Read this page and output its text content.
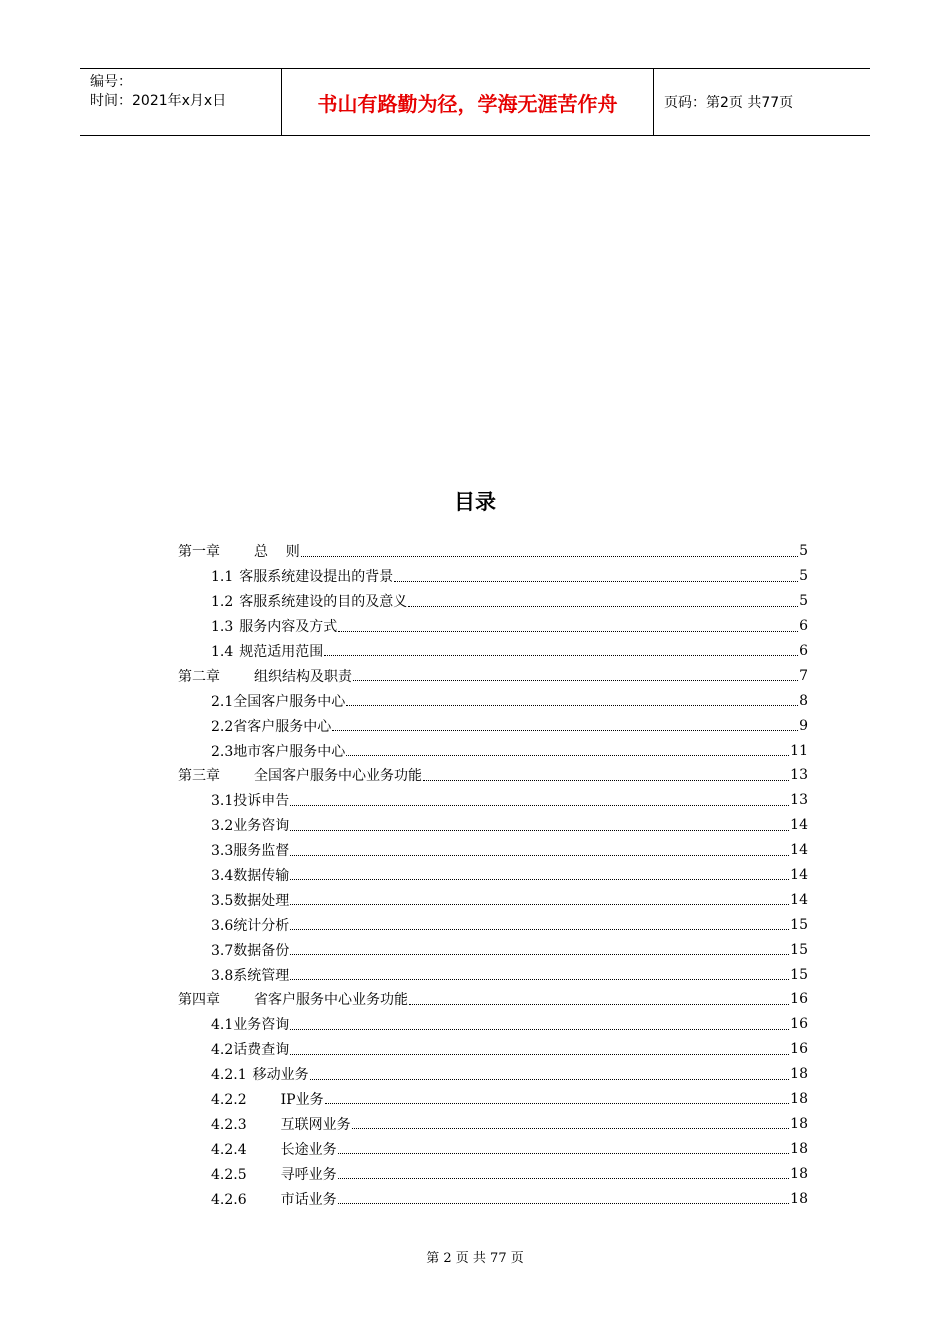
编号：
时间：2021年x月x日	书山有路勤为径，学海无涯苦作舟	页码：第2页 共77页
目录
第一章 总    则	5
1.1 客服系统建设提出的背景	5
1.2 客服系统建设的目的及意义	5
1.3 服务内容及方式	6
1.4 规范适用范围	6
第二章 组织结构及职责	7
2.1全国客户服务中心	8
2.2省客户服务中心	9
2.3地市客户服务中心	11
第三章 全国客户服务中心业务功能	13
3.1投诉申告	13
3.2业务咨询	14
3.3服务监督	14
3.4数据传输	14
3.5数据处理	14
3.6统计分析	15
3.7数据备份	15
3.8系统管理	15
第四章 省客户服务中心业务功能	16
4.1业务咨询	16
4.2话费查询	16
4.2.1 移动业务	18
4.2.2 IP业务	18
4.2.3 互联网业务	18
4.2.4 长途业务	18
4.2.5 寻呼业务	18
4.2.6 市话业务	18
第 2 页 共 77 页
